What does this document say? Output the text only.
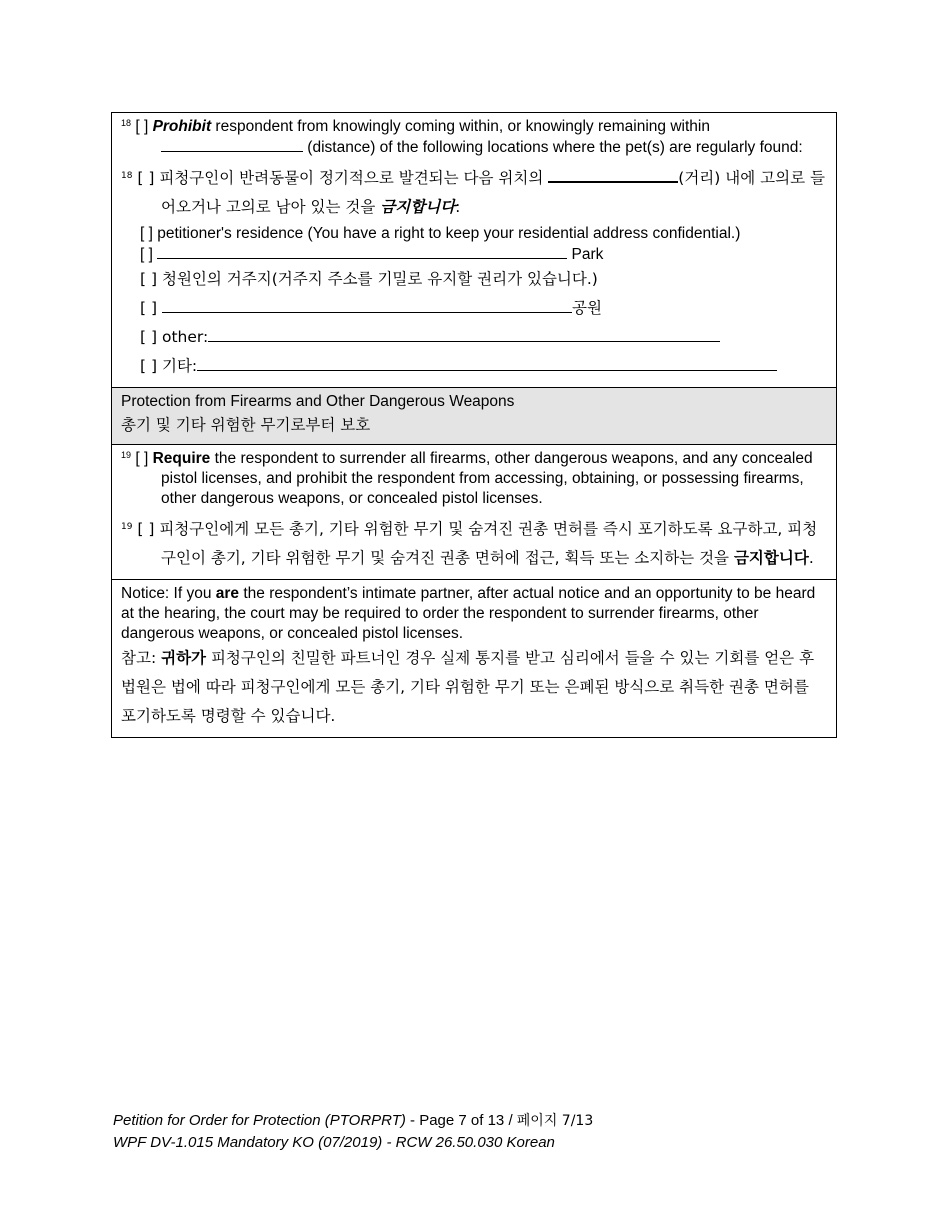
$^{18}$ [ ] Prohibit respondent from knowingly coming within, or knowingly remaining within
(distance) of the following locations where the pet(s) are regularly found:
$^{18}$ [ ] 피청구인이 반려동물이 정기적으로 발견되는 다음 위치의	(거리) 내에 고의로 들어오거나 고의로 남아 있는 것을 금지합니다:
[ ] petitioner's residence (You have a right to keep your residential address confidential.)
[ ]	Park
[ ] 청원인의 거주지(거주지 주소를 기밀로 유지할 권리가 있습니다.)
[ ]	공원
[ ] other:
[ ] 기타:
Protection from Firearms and Other Dangerous Weapons
총기 및 기타 위험한 무기로부터 보호
$^{19}$ [ ] Require the respondent to surrender all firearms, other dangerous weapons, and any concealed pistol licenses, and prohibit the respondent from accessing, obtaining, or possessing firearms, other dangerous weapons, or concealed pistol licenses.
$^{19}$ [ ] 피청구인에게 모든 총기, 기타 위험한 무기 및 숨겨진 권총 면허를 즉시 포기하도록 요구하고, 피청구인이 총기, 기타 위험한 무기 및 숨겨진 권총 면허에 접근, 획득 또는 소지하는 것을 금지합니다.
Notice: If you are the respondent’s intimate partner, after actual notice and an opportunity to be heard at the hearing, the court may be required to order the respondent to surrender firearms, other dangerous weapons, or concealed pistol licenses.
참고: 귀하가 피청구인의 친밀한 파트너인 경우 실제 통지를 받고 심리에서 들을 수 있는 기회를 얻은 후 법원은 법에 따라 피청구인에게 모든 총기, 기타 위험한 무기 또는 은폐된 방식으로 취득한 권총 면허를 포기하도록 명령할 수 있습니다.
Petition for Order for Protection (PTORPRT) - Page 7 of 13 / 페이지 7/13
WPF DV-1.015 Mandatory KO (07/2019) - RCW 26.50.030 Korean
